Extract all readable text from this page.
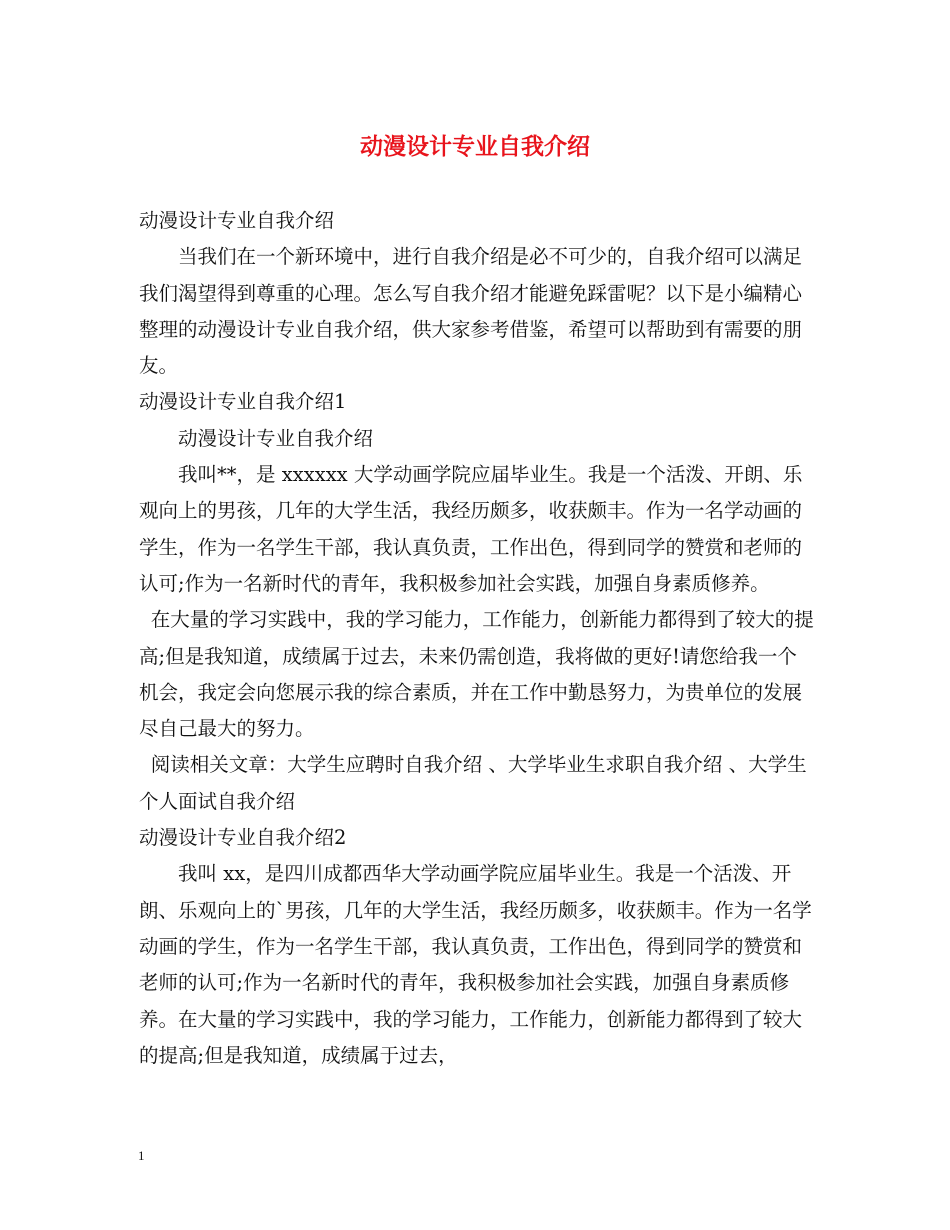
动漫设计专业自我介绍

动漫设计专业自我介绍

当我们在一个新环境中，进行自我介绍是必不可少的，自我介绍可以满足我们渴望得到尊重的心理。怎么写自我介绍才能避免踩雷呢？以下是小编精心整理的动漫设计专业自我介绍，供大家参考借鉴，希望可以帮助到有需要的朋友。

动漫设计专业自我介绍1

动漫设计专业自我介绍

我叫**，是 xxxxxx 大学动画学院应届毕业生。我是一个活泼、开朗、乐观向上的男孩，几年的大学生活，我经历颇多，收获颇丰。作为一名学动画的学生，作为一名学生干部，我认真负责，工作出色，得到同学的赞赏和老师的认可;作为一名新时代的青年，我积极参加社会实践，加强自身素质修养。

在大量的学习实践中，我的学习能力，工作能力，创新能力都得到了较大的提高;但是我知道，成绩属于过去，未来仍需创造，我将做的更好!请您给我一个机会，我定会向您展示我的综合素质，并在工作中勤恳努力，为贵单位的发展尽自己最大的努力。

阅读相关文章：大学生应聘时自我介绍 、大学毕业生求职自我介绍 、大学生个人面试自我介绍

动漫设计专业自我介绍2

我叫 xx，是四川成都西华大学动画学院应届毕业生。我是一个活泼、开朗、乐观向上的`男孩，几年的大学生活，我经历颇多，收获颇丰。作为一名学动画的学生，作为一名学生干部，我认真负责，工作出色，得到同学的赞赏和老师的认可;作为一名新时代的青年，我积极参加社会实践，加强自身素质修养。在大量的学习实践中，我的学习能力，工作能力，创新能力都得到了较大的提高;但是我知道，成绩属于过去，

1
